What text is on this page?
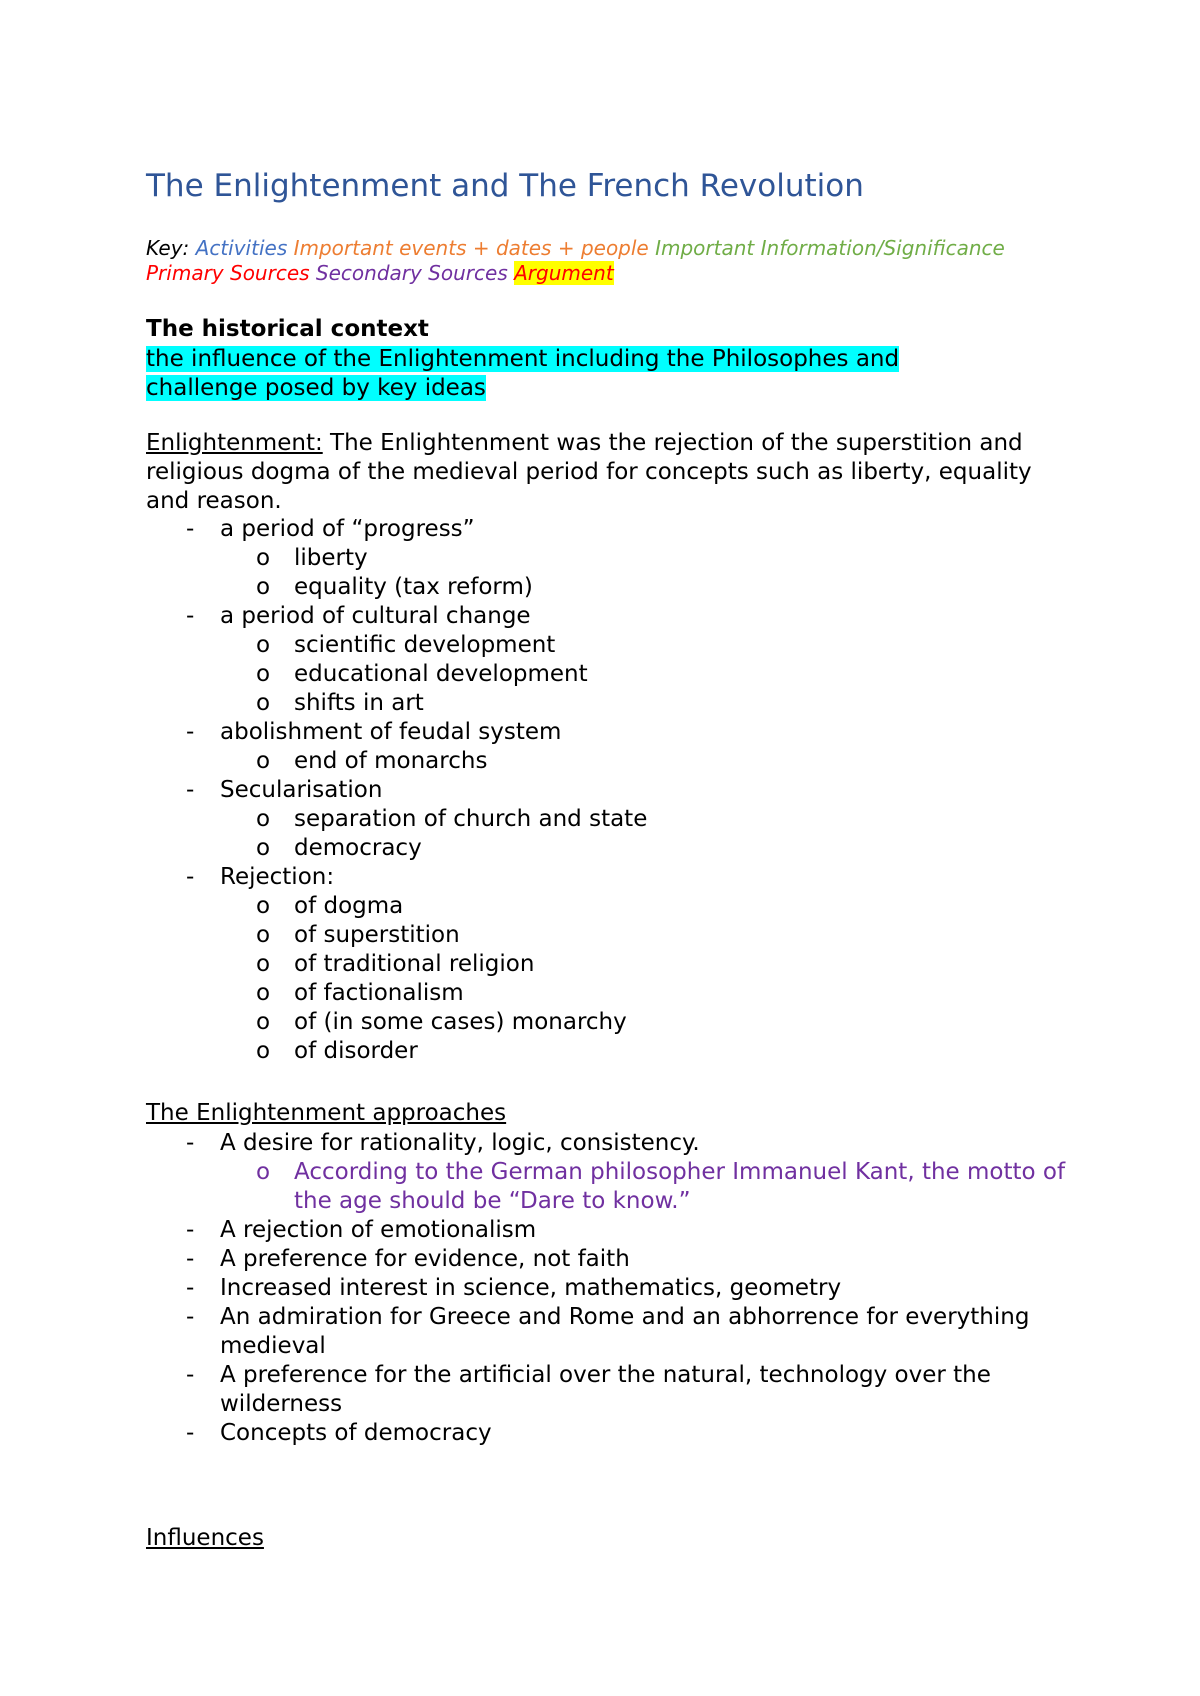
The Enlightenment and The French Revolution
Key: Activities Important events + dates + people Important Information/Significance Primary Sources Secondary Sources Argument
The historical context
the influence of the Enlightenment including the Philosophes and challenge posed by key ideas
Enlightenment: The Enlightenment was the rejection of the superstition and religious dogma of the medieval period for concepts such as liberty, equality and reason.
-	a period of “progress”
o liberty
o equality (tax reform)
-	a period of cultural change
o scientific development
o educational development
o shifts in art
-	abolishment of feudal system
o end of monarchs
-	Secularisation
o separation of church and state
o democracy
-	Rejection:
o of dogma
o of superstition
o of traditional religion
o of factionalism
o of (in some cases) monarchy
o of disorder
The Enlightenment approaches
-	A desire for rationality, logic, consistency.
o According to the German philosopher Immanuel Kant, the motto of the age should be “Dare to know.”
-	A rejection of emotionalism
-	A preference for evidence, not faith
-	Increased interest in science, mathematics, geometry
-	An admiration for Greece and Rome and an abhorrence for everything medieval
-	A preference for the artificial over the natural, technology over the wilderness
-	Concepts of democracy
Influences
